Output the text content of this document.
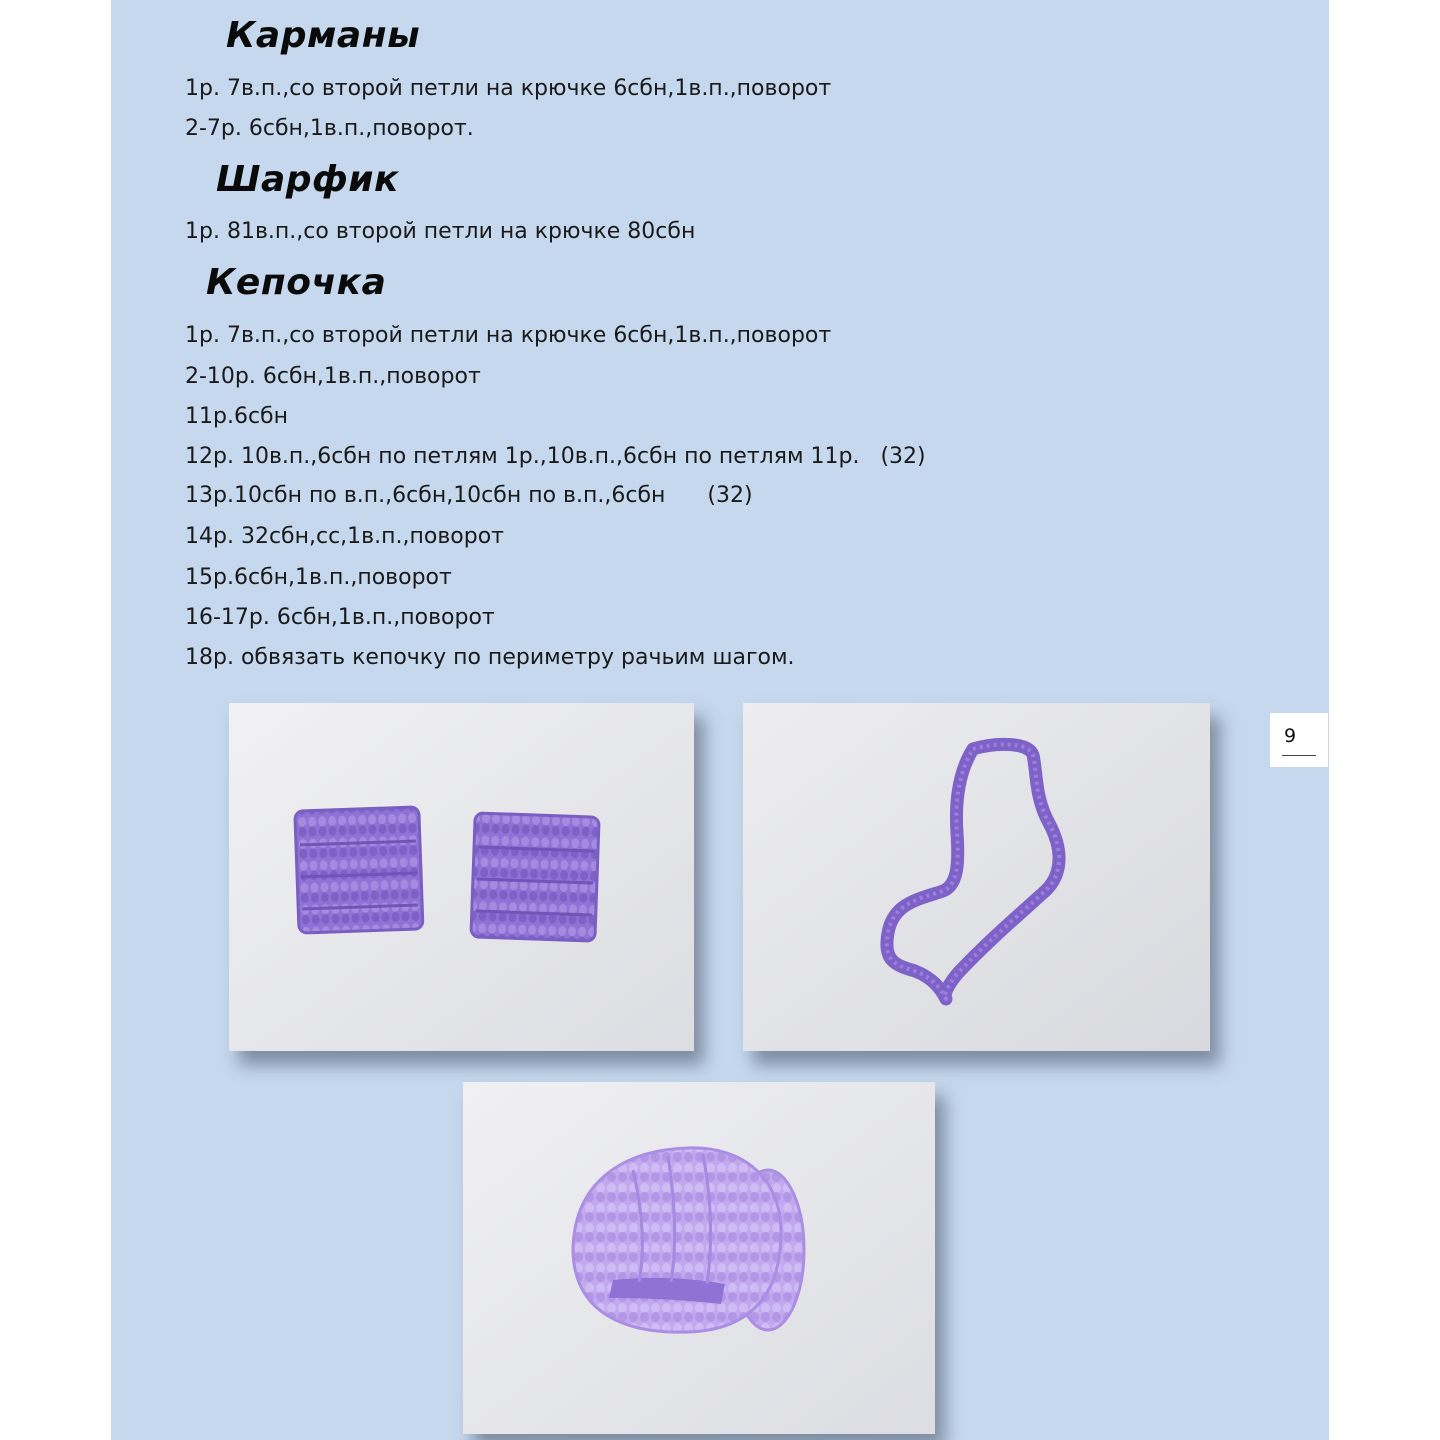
Карманы

1р. 7в.п.,со второй петли на крючке 6сбн,1в.п.,поворот

2-7р. 6сбн,1в.п.,поворот.

Шарфик

1р. 81в.п.,со второй петли на крючке 80сбн

Кепочка

1р. 7в.п.,со второй петли на крючке 6сбн,1в.п.,поворот

2-10р. 6сбн,1в.п.,поворот

11р.6сбн

12р. 10в.п.,6сбн по петлям 1р.,10в.п.,6сбн по петлям 11р.   (32)

13р.10сбн по в.п.,6сбн,10сбн по в.п.,6сбн      (32)

14р. 32сбн,сс,1в.п.,поворот

15р.6сбн,1в.п.,поворот

16-17р. 6сбн,1в.п.,поворот

18р. обвязать кепочку по периметру рачьим шагом.

9
